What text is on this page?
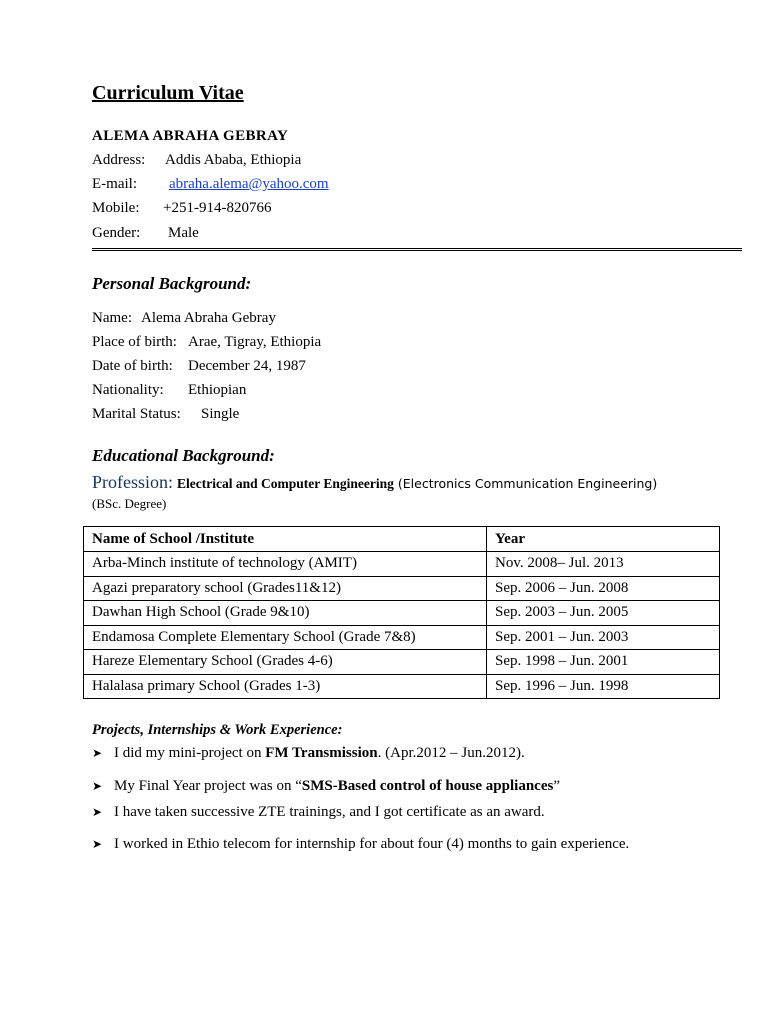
Curriculum Vitae
ALEMA ABRAHA GEBRAY
Address: Addis Ababa, Ethiopia
E-mail: abraha.alema@yahoo.com
Mobile: +251-914-820766
Gender: Male
Personal Background:
Name: Alema Abraha Gebray
Place of birth: Arae, Tigray, Ethiopia
Date of birth: December 24, 1987
Nationality: Ethiopian
Marital Status: Single
Educational Background:
Profession: Electrical and Computer Engineering (Electronics Communication Engineering)
(BSc. Degree)
Name of School /Institute	Year
Arba-Minch institute of technology (AMIT)	Nov. 2008– Jul. 2013
Agazi preparatory school (Grades11&12)	Sep. 2006 – Jun. 2008
Dawhan High School (Grade 9&10)	Sep. 2003 – Jun. 2005
Endamosa Complete Elementary School (Grade 7&8)	Sep. 2001 – Jun. 2003
Hareze Elementary School (Grades 4-6)	Sep. 1998 – Jun. 2001
Halalasa primary School (Grades 1-3)	Sep. 1996 – Jun. 1998
Projects, Internships & Work Experience:
➤ I did my mini-project on FM Transmission. (Apr.2012 – Jun.2012).
➤ My Final Year project was on “SMS-Based control of house appliances”
➤ I have taken successive ZTE trainings, and I got certificate as an award.
➤ I worked in Ethio telecom for internship for about four (4) months to gain experience.
